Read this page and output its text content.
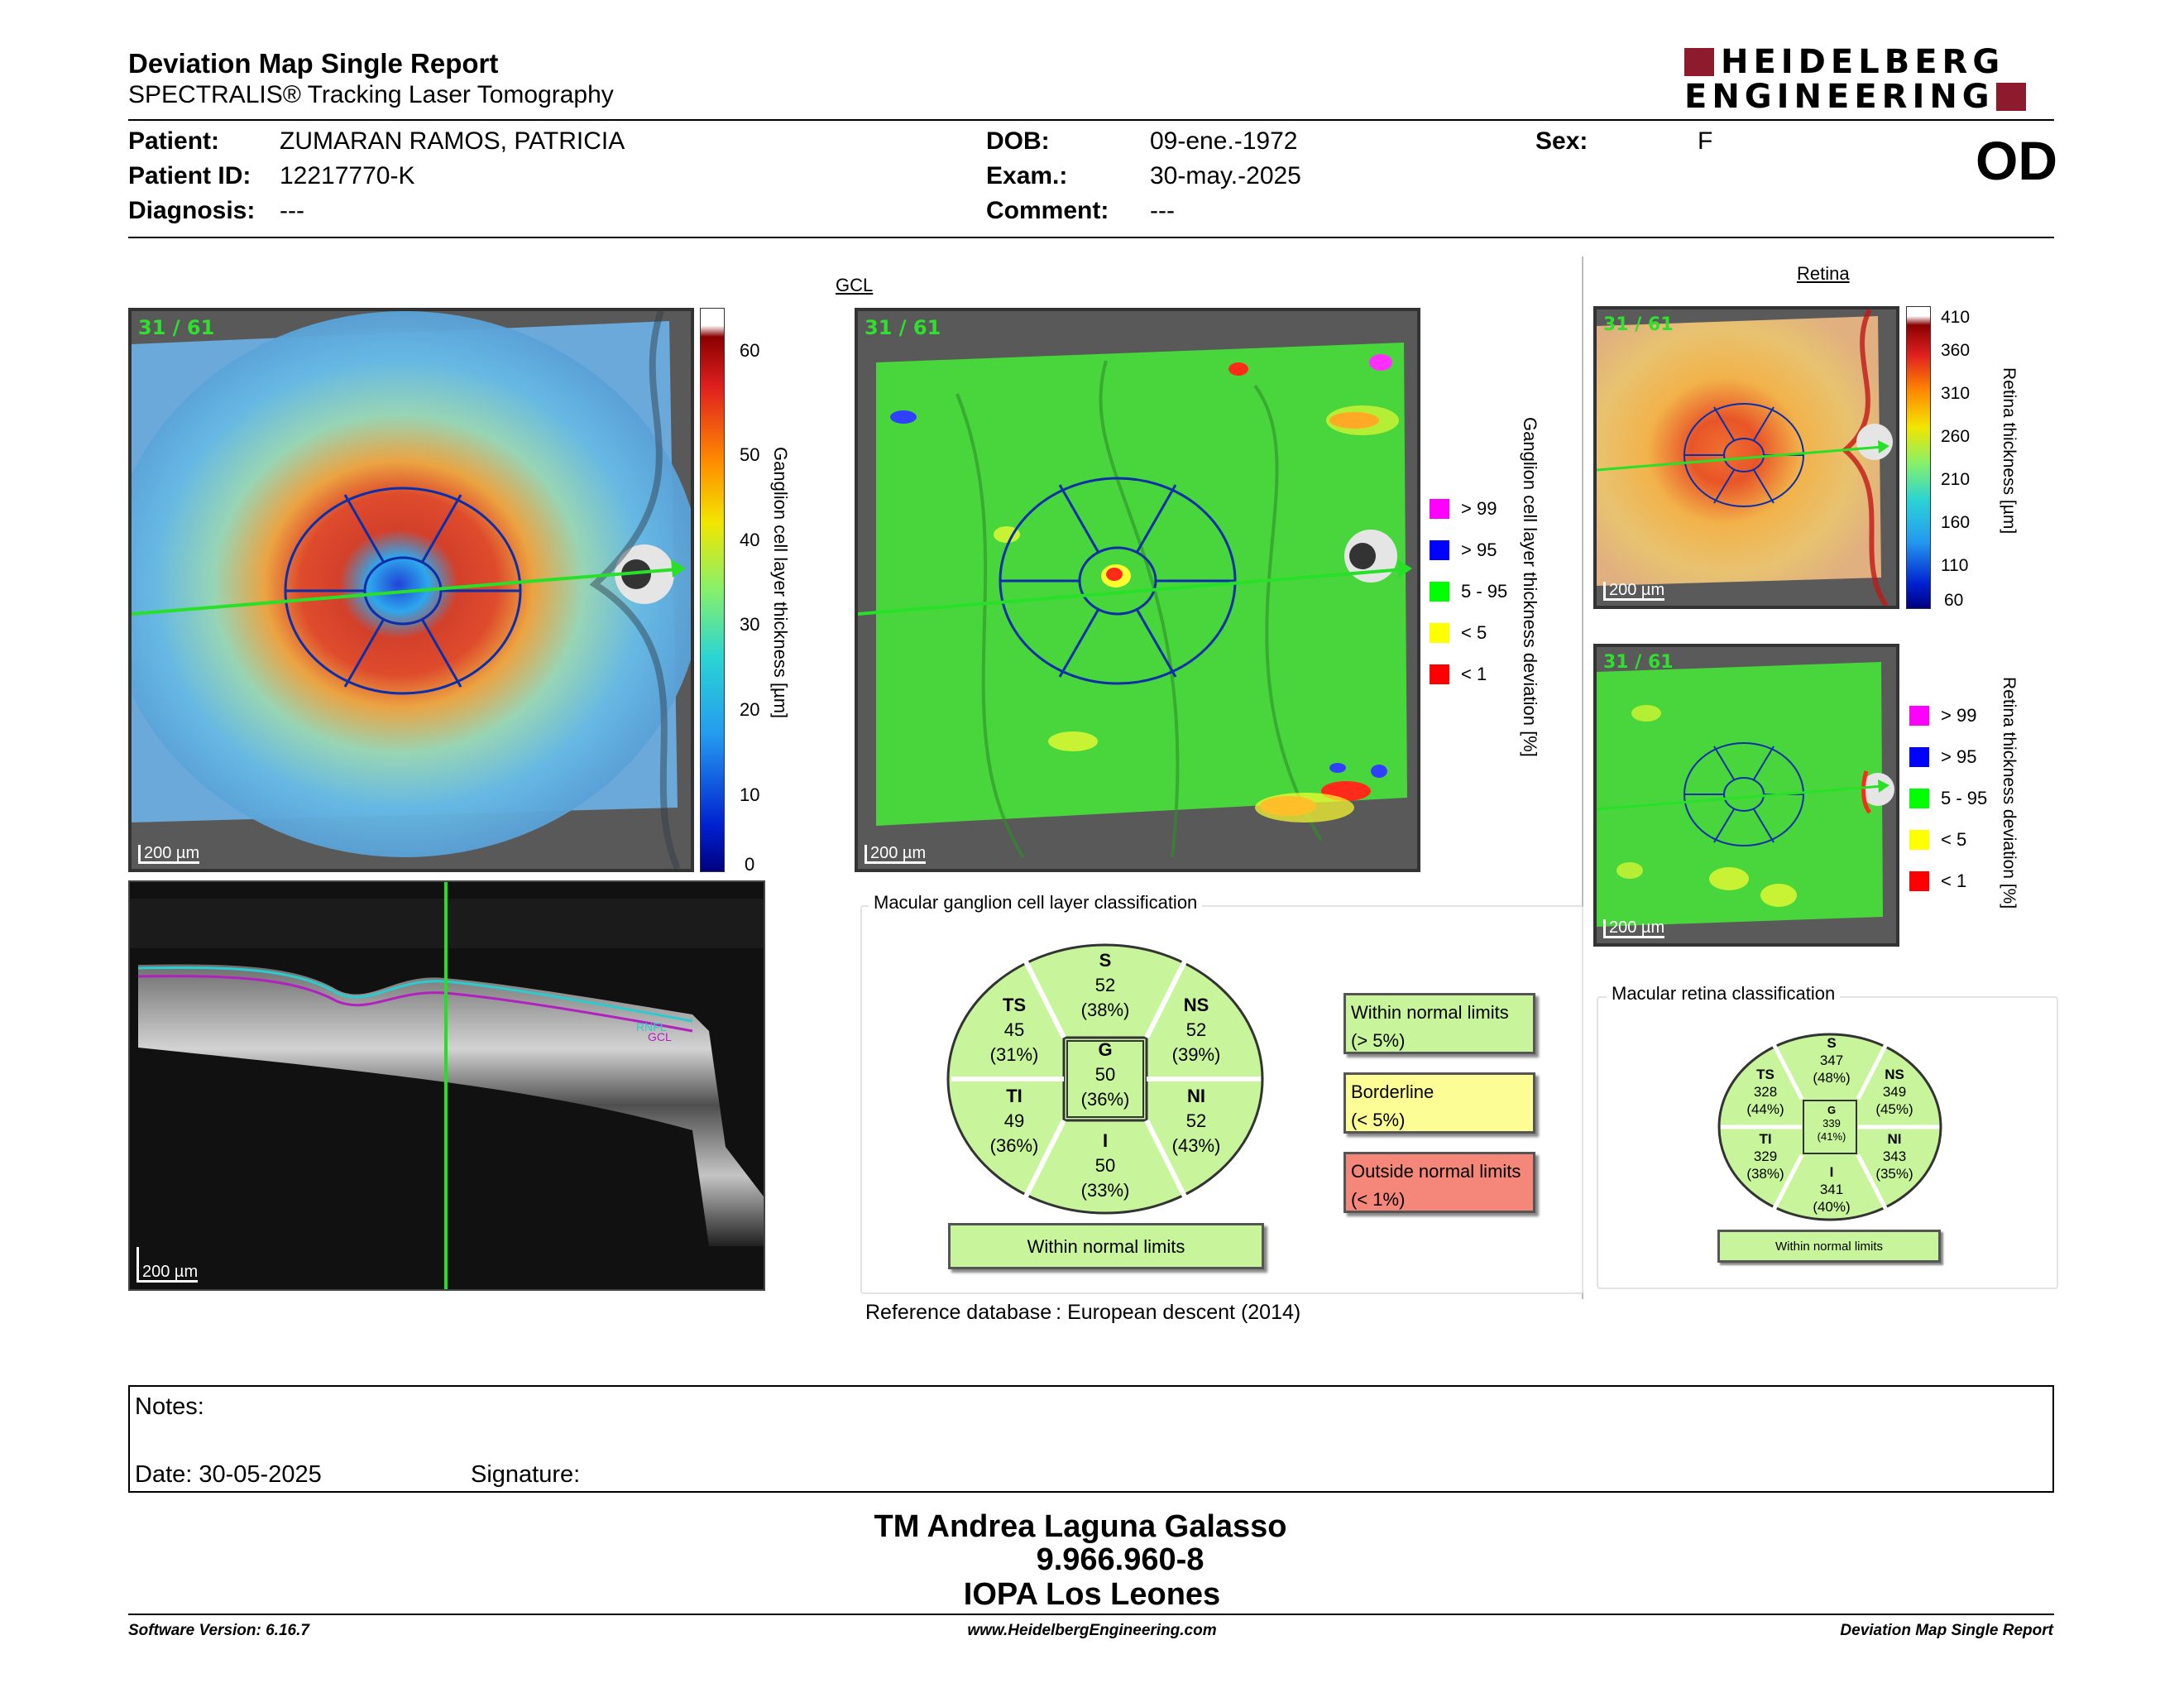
Deviation Map Single Report
SPECTRALIS® Tracking Laser Tomography
HEIDELBERG
ENGINEERING
Patient: ZUMARAN RAMOS, PATRICIA
Patient ID: 12217770-K
Diagnosis: ---
DOB:	09-ene.-1972
Exam.:	30-may.-2025
Comment: ---
Sex:	F	OD
GCL
Retina
31 / 61
200 µm
60
50
40
30
20
10
0
Ganglion cell layer thickness [µm]
31 / 61
200 µm
> 99
> 95
5 - 95
< 5
< 1 Ganglion cell layer thickness deviation [%]
RNFL
GCL
200 µm
Macular ganglion cell layer classification
S
52
(38%)
TS
45
(31%)
NS
52
(39%)
G
50
(36%)
TI
49
(36%)
NI
52
(43%)
I
50
(33%)
Within normal limits
Within normal limits
(> 5%)
Borderline
(< 5%)
Outside normal limits
(< 1%)
Reference database : European descent (2014)
31 / 61
200 µm
410
360
310
260
210
160
110
60
Retina thickness [µm]
31 / 61
200 µm
> 99
> 95
5 - 95
< 5
< 1 Retina thickness deviation [%]
Macular retina classification
S
347
(48%)
TS
328
(44%)
NS
349
(45%)
G
339
(41%)
TI
329
(38%)
NI
343
(35%)
I
341
(40%)
Within normal limits
Notes:
Date: 30-05-2025	Signature:
TM Andrea Laguna Galasso
9.966.960-8
IOPA Los Leones
Software Version: 6.16.7	www.HeidelbergEngineering.com	Deviation Map Single Report
